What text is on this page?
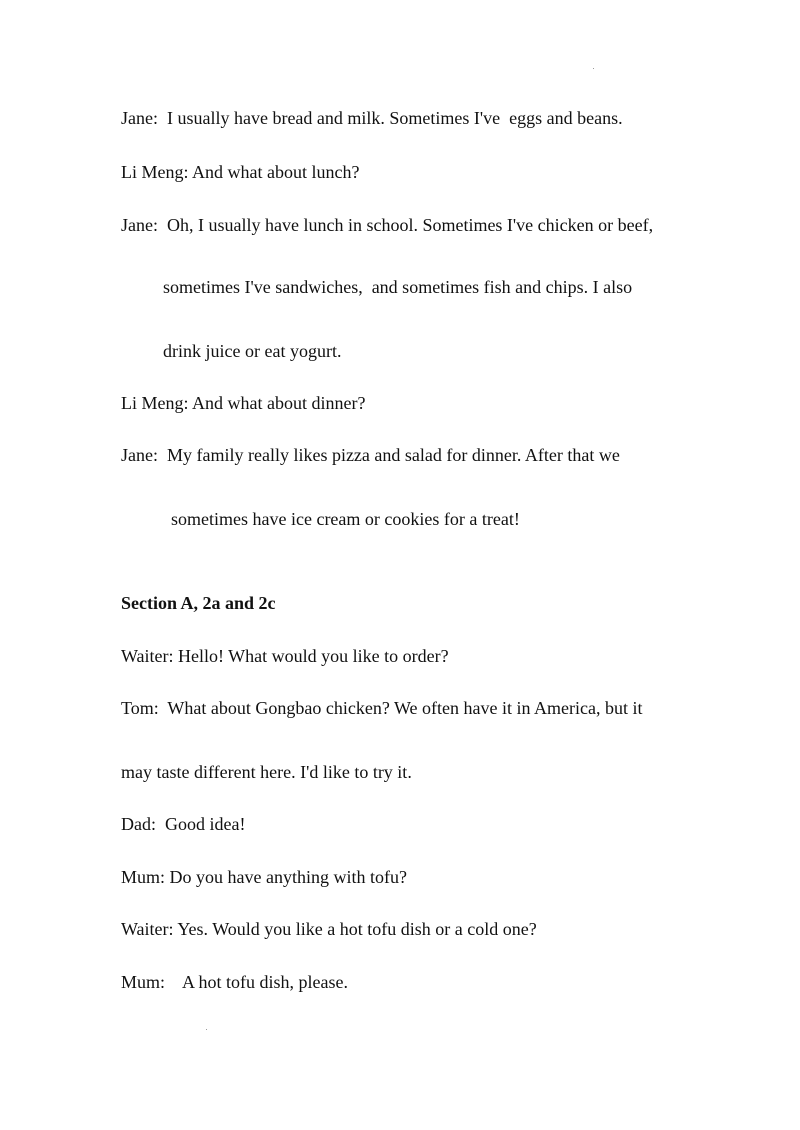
Jane:  I usually have bread and milk. Sometimes I've  eggs and beans.
Li Meng: And what about lunch?
Jane:  Oh, I usually have lunch in school. Sometimes I've chicken or beef,
sometimes I've sandwiches,  and sometimes fish and chips. I also
drink juice or eat yogurt.
Li Meng: And what about dinner?
Jane:  My family really likes pizza and salad for dinner. After that we
sometimes have ice cream or cookies for a treat!
Section A, 2a and 2c
Waiter: Hello! What would you like to order?
Tom:  What about Gongbao chicken? We often have it in America, but it
may taste different here. I'd like to try it.
Dad:  Good idea!
Mum: Do you have anything with tofu?
Waiter: Yes. Would you like a hot tofu dish or a cold one?
Mum:    A hot tofu dish, please.
